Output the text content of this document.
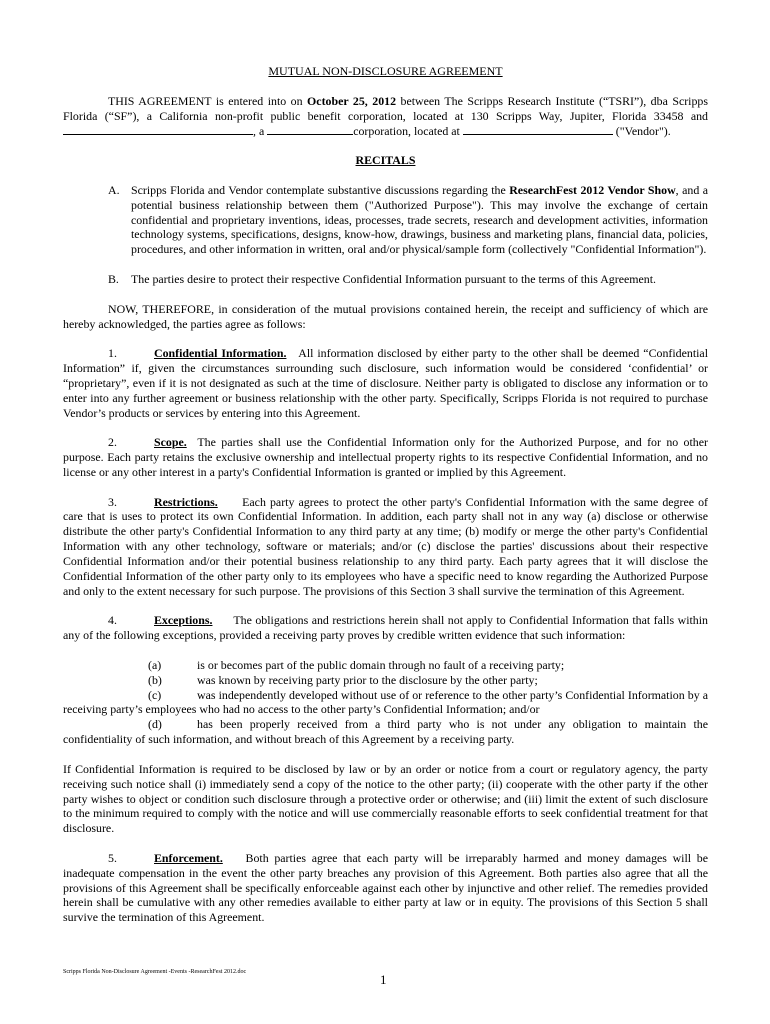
MUTUAL NON-DISCLOSURE AGREEMENT

THIS AGREEMENT is entered into on October 25, 2012 between The Scripps Research Institute (“TSRI”), dba Scripps Florida (“SF”), a California non-profit public benefit corporation, located at 130 Scripps Way, Jupiter, Florida 33458 and , a	corporation, located at	("Vendor").

RECITALS

A. Scripps Florida and Vendor contemplate substantive discussions regarding the ResearchFest 2012 Vendor Show, and a potential business relationship between them ("Authorized Purpose"). This may involve the exchange of certain confidential and proprietary inventions, ideas, processes, trade secrets, research and development activities, information technology systems, specifications, designs, know-how, drawings, business and marketing plans, financial data, policies, procedures, and other information in written, oral and/or physical/sample form (collectively "Confidential Information").
B.	The parties desire to protect their respective Confidential Information pursuant to the terms of this Agreement.

NOW, THEREFORE, in consideration of the mutual provisions contained herein, the receipt and sufficiency of which are hereby acknowledged, the parties agree as follows:

1.	Confidential Information. All information disclosed by either party to the other shall be deemed “Confidential Information” if, given the circumstances surrounding such disclosure, such information would be considered ‘confidential’ or “proprietary”, even if it is not designated as such at the time of disclosure. Neither party is obligated to disclose any information or to enter into any further agreement or business relationship with the other party. Specifically, Scripps Florida is not required to purchase Vendor’s products or services by entering into this Agreement.

2.	Scope. The parties shall use the Confidential Information only for the Authorized Purpose, and for no other purpose. Each party retains the exclusive ownership and intellectual property rights to its respective Confidential Information, and no license or any other interest in a party's Confidential Information is granted or implied by this Agreement.

3.	Restrictions. Each party agrees to protect the other party's Confidential Information with the same degree of care that is uses to protect its own Confidential Information. In addition, each party shall not in any way (a) disclose or otherwise distribute the other party's Confidential Information to any third party at any time; (b) modify or merge the other party's Confidential Information with any other technology, software or materials; and/or (c) disclose the parties' discussions about their respective Confidential Information and/or their potential business relationship to any third party. Each party agrees that it will disclose the Confidential Information of the other party only to its employees who have a specific need to know regarding the Authorized Purpose and only to the extent necessary for such purpose. The provisions of this Section 3 shall survive the termination of this Agreement.

4.	Exceptions. The obligations and restrictions herein shall not apply to Confidential Information that falls within any of the following exceptions, provided a receiving party proves by credible written evidence that such information:

(a)	is or becomes part of the public domain through no fault of a receiving party;

(b)	was known by receiving party prior to the disclosure by the other party;

(c)	was independently developed without use of or reference to the other party’s Confidential Information by a receiving party’s employees who had no access to the other party’s Confidential Information; and/or

(d)	has been properly received from a third party who is not under any obligation to maintain the confidentiality of such information, and without breach of this Agreement by a receiving party.

If Confidential Information is required to be disclosed by law or by an order or notice from a court or regulatory agency, the party receiving such notice shall (i) immediately send a copy of the notice to the other party; (ii) cooperate with the other party if the other party wishes to object or condition such disclosure through a protective order or otherwise; and (iii) limit the extent of such disclosure to the minimum required to comply with the notice and will use commercially reasonable efforts to seek confidential treatment for that disclosure.

5.	Enforcement. Both parties agree that each party will be irreparably harmed and money damages will be inadequate compensation in the event the other party breaches any provision of this Agreement. Both parties also agree that all the provisions of this Agreement shall be specifically enforceable against each other by injunctive and other relief. The remedies provided herein shall be cumulative with any other remedies available to either party at law or in equity. The provisions of this Section 5 shall survive the termination of this Agreement.

Scripps Florida Non-Disclosure Agreement -Events -ResearchFest 2012.doc	1
